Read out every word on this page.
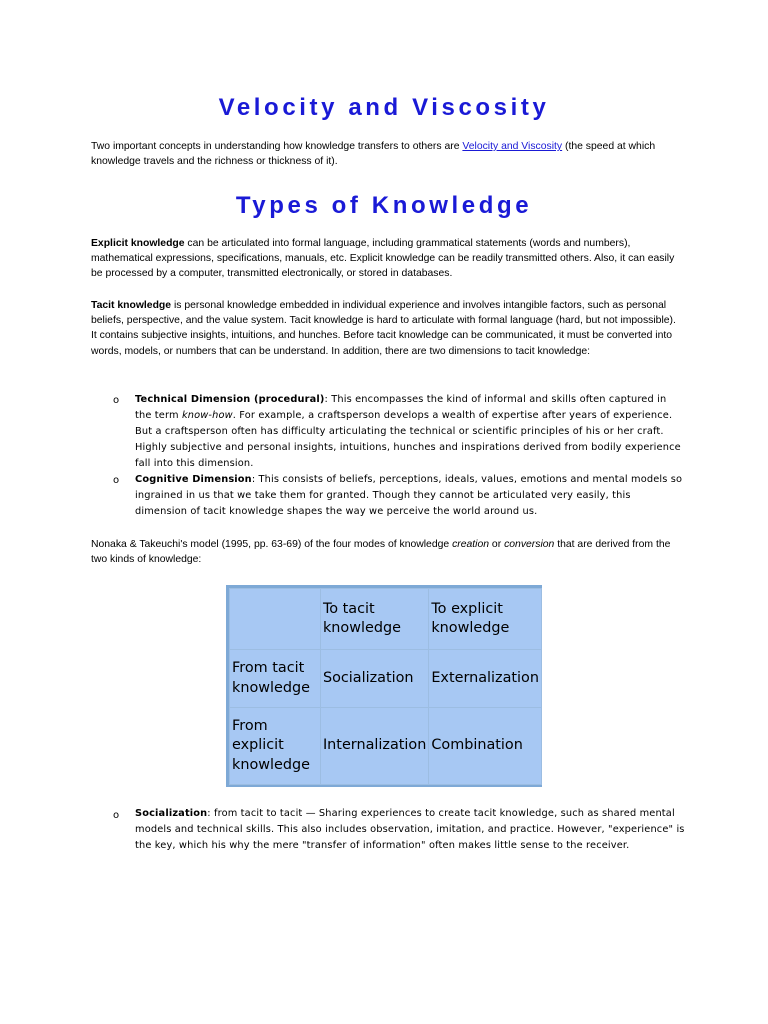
Velocity and Viscosity

Two important concepts in understanding how knowledge transfers to others are Velocity and Viscosity (the speed at which knowledge travels and the richness or thickness of it).

Types of Knowledge

Explicit knowledge can be articulated into formal language, including grammatical statements (words and numbers), mathematical expressions, specifications, manuals, etc. Explicit knowledge can be readily transmitted others. Also, it can easily be processed by a computer, transmitted electronically, or stored in databases.

Tacit knowledge is personal knowledge embedded in individual experience and involves intangible factors, such as personal beliefs, perspective, and the value system. Tacit knowledge is hard to articulate with formal language (hard, but not impossible). It contains subjective insights, intuitions, and hunches. Before tacit knowledge can be communicated, it must be converted into words, models, or numbers that can be understand. In addition, there are two dimensions to tacit knowledge:

o Technical Dimension (procedural): This encompasses the kind of informal and skills often captured in the term know-how. For example, a craftsperson develops a wealth of expertise after years of experience. But a craftsperson often has difficulty articulating the technical or scientific principles of his or her craft. Highly subjective and personal insights, intuitions, hunches and inspirations derived from bodily experience fall into this dimension.
o Cognitive Dimension: This consists of beliefs, perceptions, ideals, values, emotions and mental models so ingrained in us that we take them for granted. Though they cannot be articulated very easily, this dimension of tacit knowledge shapes the way we perceive the world around us.

Nonaka & Takeuchi's model (1995, pp. 63-69) of the four modes of knowledge creation or conversion that are derived from the two kinds of knowledge:

	To tacit knowledge	To explicit knowledge
From tacit knowledge	Socialization	Externalization
From explicit knowledge	Internalization	Combination
o Socialization: from tacit to tacit — Sharing experiences to create tacit knowledge, such as shared mental models and technical skills. This also includes observation, imitation, and practice. However, "experience" is the key, which his why the mere "transfer of information" often makes little sense to the receiver.
